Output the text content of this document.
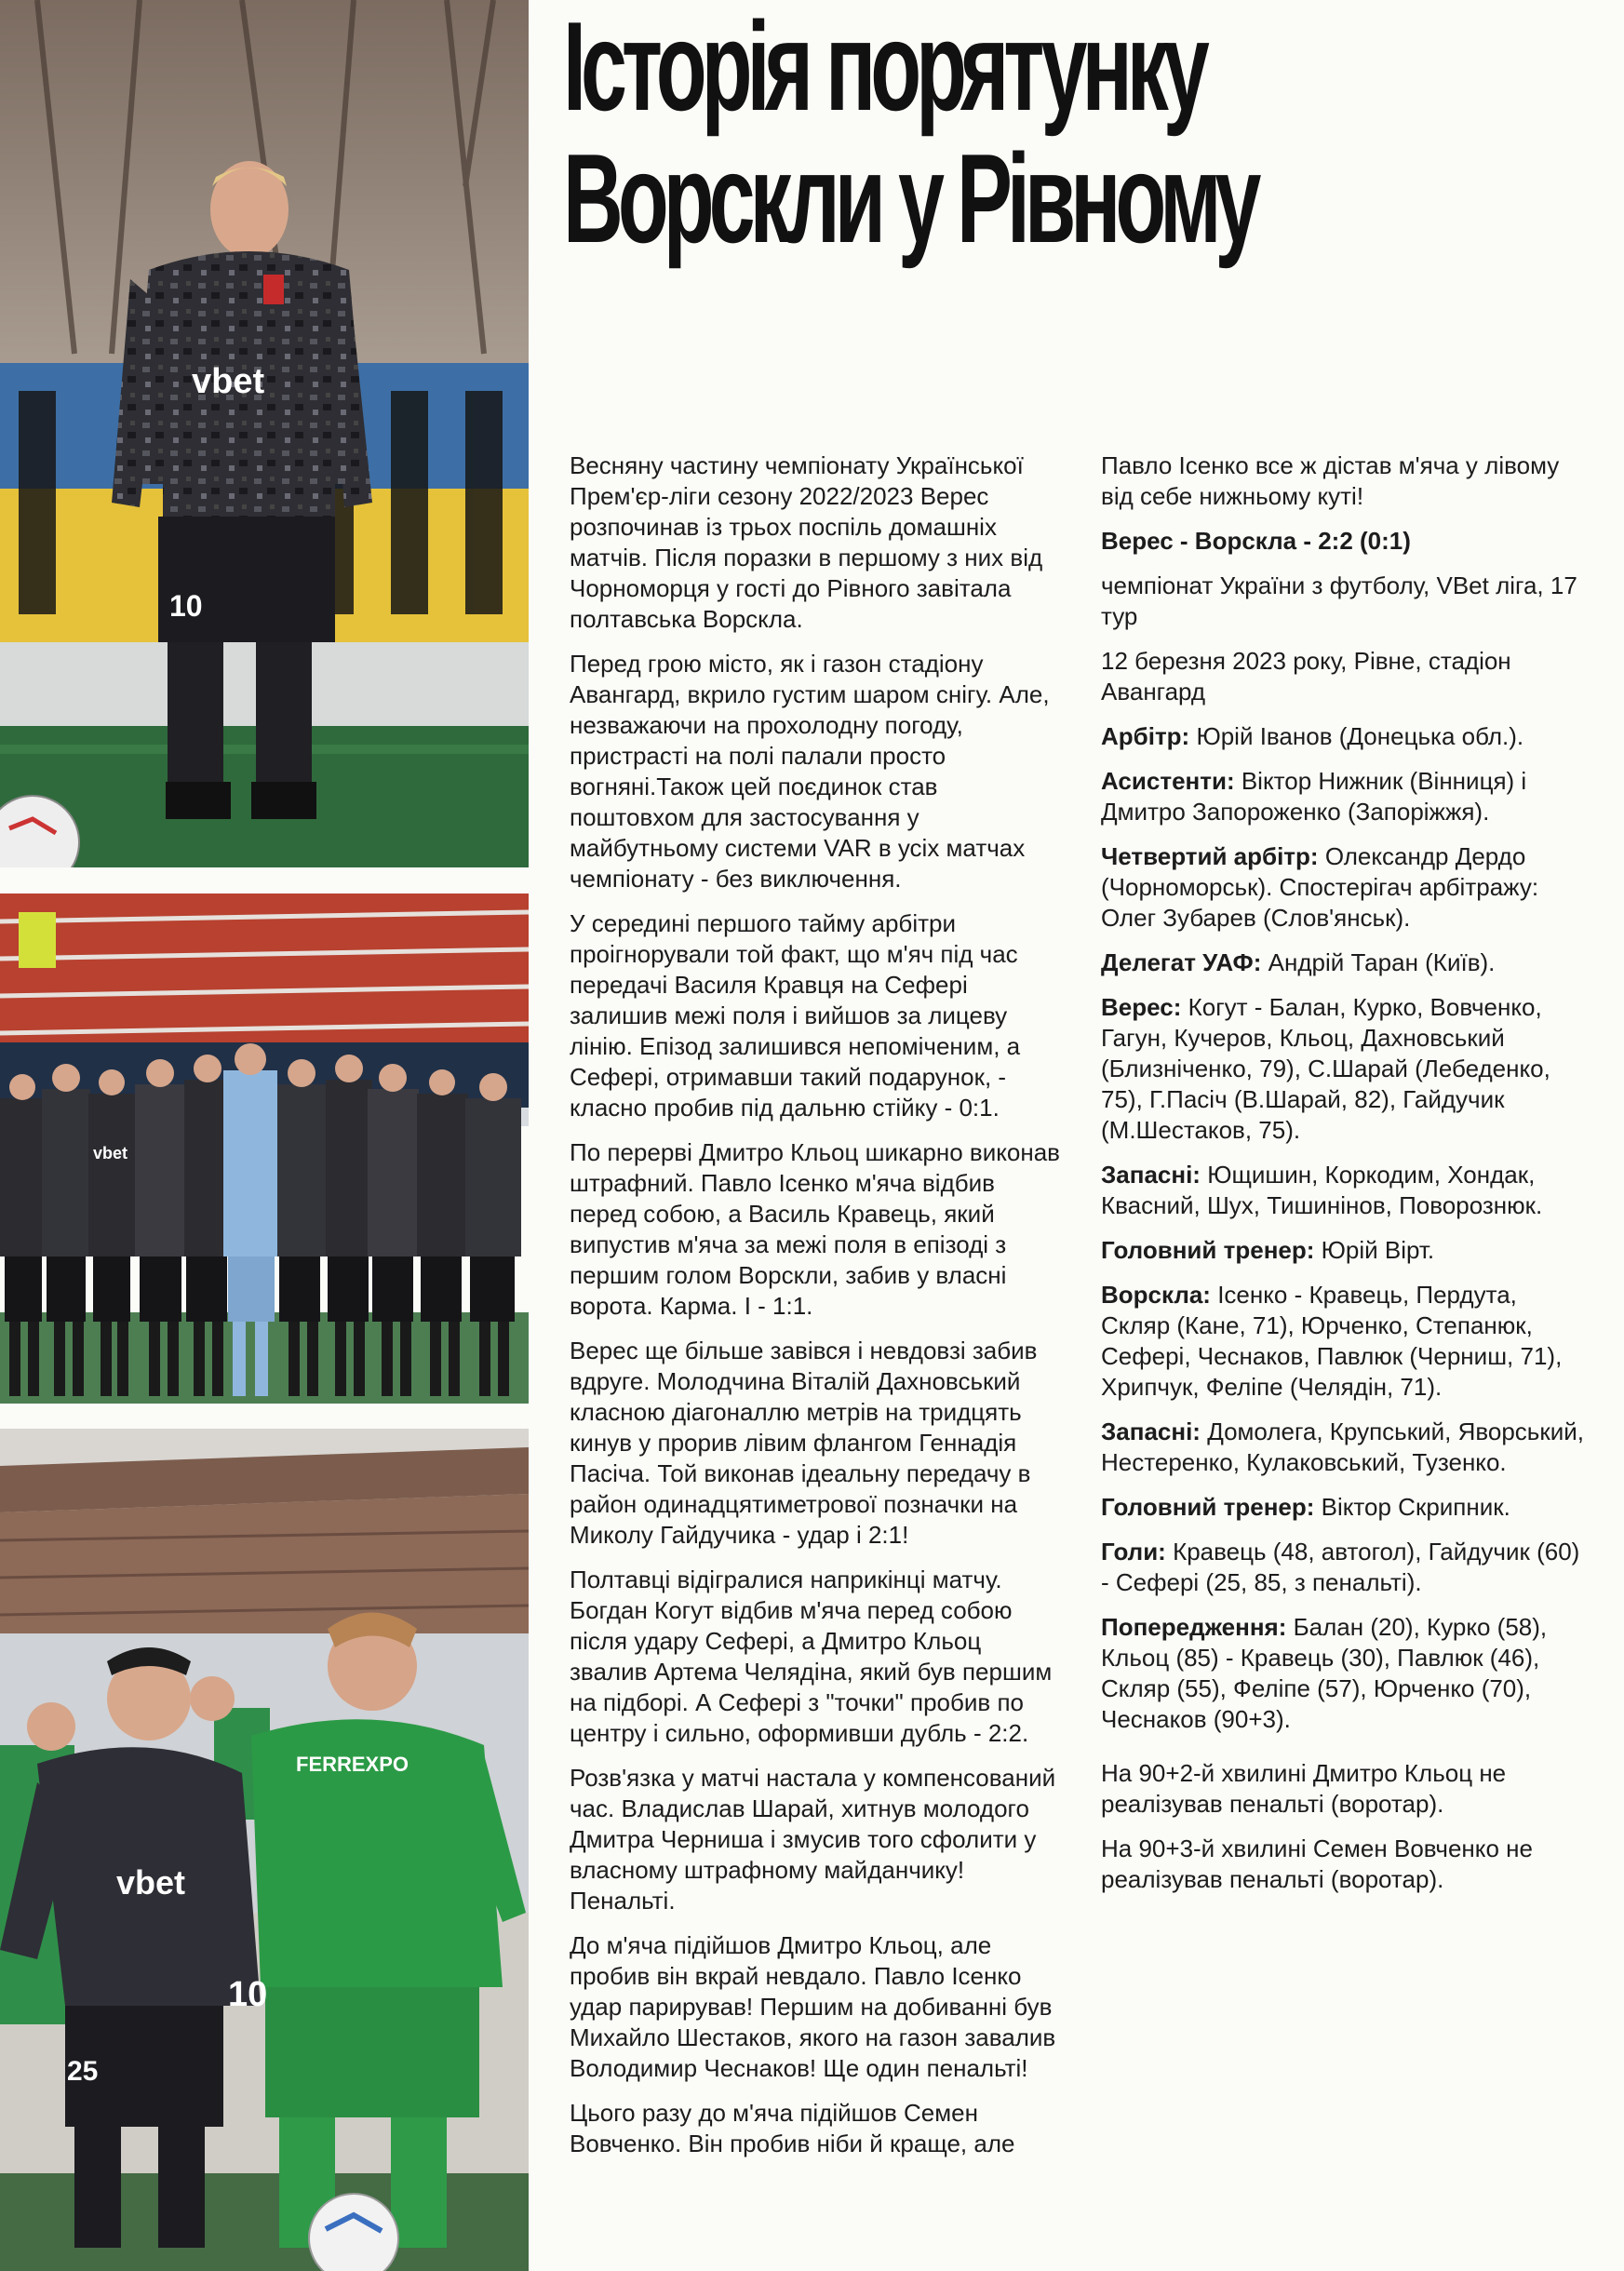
vbet
10
vbet
vbet
25
FERREXPO
10
Історія порятунку
Ворскли у Рівному

Весняну частину чемпіонату Української Прем'єр-ліги сезону 2022/2023 Верес розпочинав із трьох поспіль домашніх матчів. Після поразки в першому з них від Чорноморця у гості до Рівного завітала полтавська Ворскла.

Перед грою місто, як і газон стадіону Авангард, вкрило густим шаром снігу. Але, незважаючи на прохолодну погоду, пристрасті на полі палали просто вогняні.Також цей поєдинок став поштовхом для застосування у майбутньому системи VAR в усіх матчах чемпіонату - без виключення.

У середині першого тайму арбітри проігнорували той факт, що м'яч під час передачі Василя Кравця на Сефері залишив межі поля і вийшов за лицеву лінію. Епізод залишився непоміченим, а Сефері, отримавши такий подарунок, - класно пробив під дальню стійку - 0:1.

По перерві Дмитро Кльоц шикарно виконав штрафний. Павло Ісенко м'яча відбив перед собою, а Василь Кравець, який випустив м'яча за межі поля в епізоді з першим голом Ворскли, забив у власні ворота. Карма. І - 1:1.

Верес ще більше завівся і невдовзі забив вдруге. Молодчина Віталій Дахновський класною діагоналлю метрів на тридцять кинув у прорив лівим флангом Геннадія Пасіча. Той виконав ідеальну передачу в район одинадцятиметрової позначки на Миколу Гайдучика - удар і 2:1!

Полтавці відігралися наприкінці матчу. Богдан Когут відбив м'яча перед собою після удару Сефері, а Дмитро Кльоц звалив Артема Челядіна, який був першим на підборі. А Сефері з "точки" пробив по центру і сильно, оформивши дубль - 2:2.

Розв'язка у матчі настала у компенсований час. Владислав Шарай, хитнув молодого Дмитра Черниша і змусив того сфолити у власному штрафному майданчику! Пенальті.

До м'яча підійшов Дмитро Кльоц, але пробив він вкрай невдало. Павло Ісенко удар парирував! Першим на добиванні був Михайло Шестаков, якого на газон завалив Володимир Чеснаков! Ще один пенальті!

Цього разу до м'яча підійшов Семен Вовченко. Він пробив ніби й краще, але

Павло Ісенко все ж дістав м'яча у лівому від себе нижньому куті!

Верес - Ворскла - 2:2 (0:1)

чемпіонат України з футболу, VBet ліга, 17 тур

12 березня 2023 року, Рівне, стадіон Авангард

Арбітр: Юрій Іванов (Донецька обл.).

Асистенти: Віктор Нижник (Вінниця) і Дмитро Запороженко (Запоріжжя).

Четвертий арбітр: Олександр Дердо (Чорноморськ). Спостерігач арбітражу: Олег Зубарев (Слов'янськ).

Делегат УАФ: Андрій Таран (Київ).

Верес: Когут - Балан, Курко, Вовченко, Гагун, Кучеров, Кльоц, Дахновський (Близніченко, 79), С.Шарай (Лебеденко, 75), Г.Пасіч (В.Шарай, 82), Гайдучик (М.Шестаков, 75).

Запасні: Ющишин, Коркодим, Хондак, Квасний, Шух, Тишинінов, Поворознюк.

Головний тренер: Юрій Вірт.

Ворскла: Ісенко - Кравець, Пердута, Скляр (Кане, 71), Юрченко, Степанюк, Сефері, Чеснаков, Павлюк (Черниш, 71), Хрипчук, Феліпе (Челядін, 71).

Запасні: Домолега, Крупський, Яворський, Нестеренко, Кулаковський, Тузенко.

Головний тренер: Віктор Скрипник.

Голи: Кравець (48, автогол), Гайдучик (60) - Сефері (25, 85, з пенальті).

Попередження: Балан (20), Курко (58), Кльоц (85) - Кравець (30), Павлюк (46), Скляр (55), Феліпе (57), Юрченко (70), Чеснаков (90+3).

На 90+2-й хвилині Дмитро Кльоц не реалізував пенальті (воротар).

На 90+3-й хвилині Семен Вовченко не реалізував пенальті (воротар).
